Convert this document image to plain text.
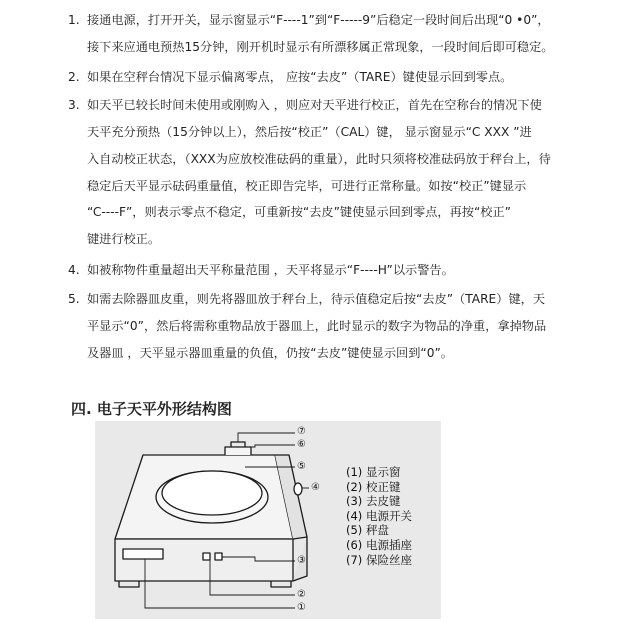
1. 接通电源，打开开关，显示窗显示“F----1”到“F-----9”后稳定一段时间后出现“0 •0”，
接下来应通电预热15分钟，刚开机时显示有所漂移属正常现象，一段时间后即可稳定。
2. 如果在空秤台情况下显示偏离零点， 应按“去皮”（TARE）键使显示回到零点。
3. 如天平已较长时间未使用或刚购入 ，则应对天平进行校正，首先在空称台的情况下使
天平充分预热（15分钟以上），然后按“校正”（CAL）键， 显示窗显示“C XXX ”进
入自动校正状态，（XXX为应放校准砝码的重量），此时只须将校准砝码放于秤台上，待
稳定后天平显示砝码重量值，校正即告完毕，可进行正常称量。如按“校正”键显示
“C----F”，则表示零点不稳定，可重新按“去皮”键使显示回到零点，再按“校正”
键进行校正。
4. 如被称物件重量超出天平称量范围 ，天平将显示“F----H”以示警告。
5. 如需去除器皿皮重，则先将器皿放于秤台上，待示值稳定后按“去皮”（TARE）键，天
平显示“0”，然后将需称重物品放于器皿上，此时显示的数字为物品的净重，拿掉物品
及器皿 ，天平显示器皿重量的负值，仍按“去皮”键使显示回到“0”。
四. 电子天平外形结构图
⑦
⑥
⑤
④
③
②
①
(1) 显示窗
(2) 校正键
(3) 去皮键
(4) 电源开关
(5) 秤盘
(6) 电源插座
(7) 保险丝座
